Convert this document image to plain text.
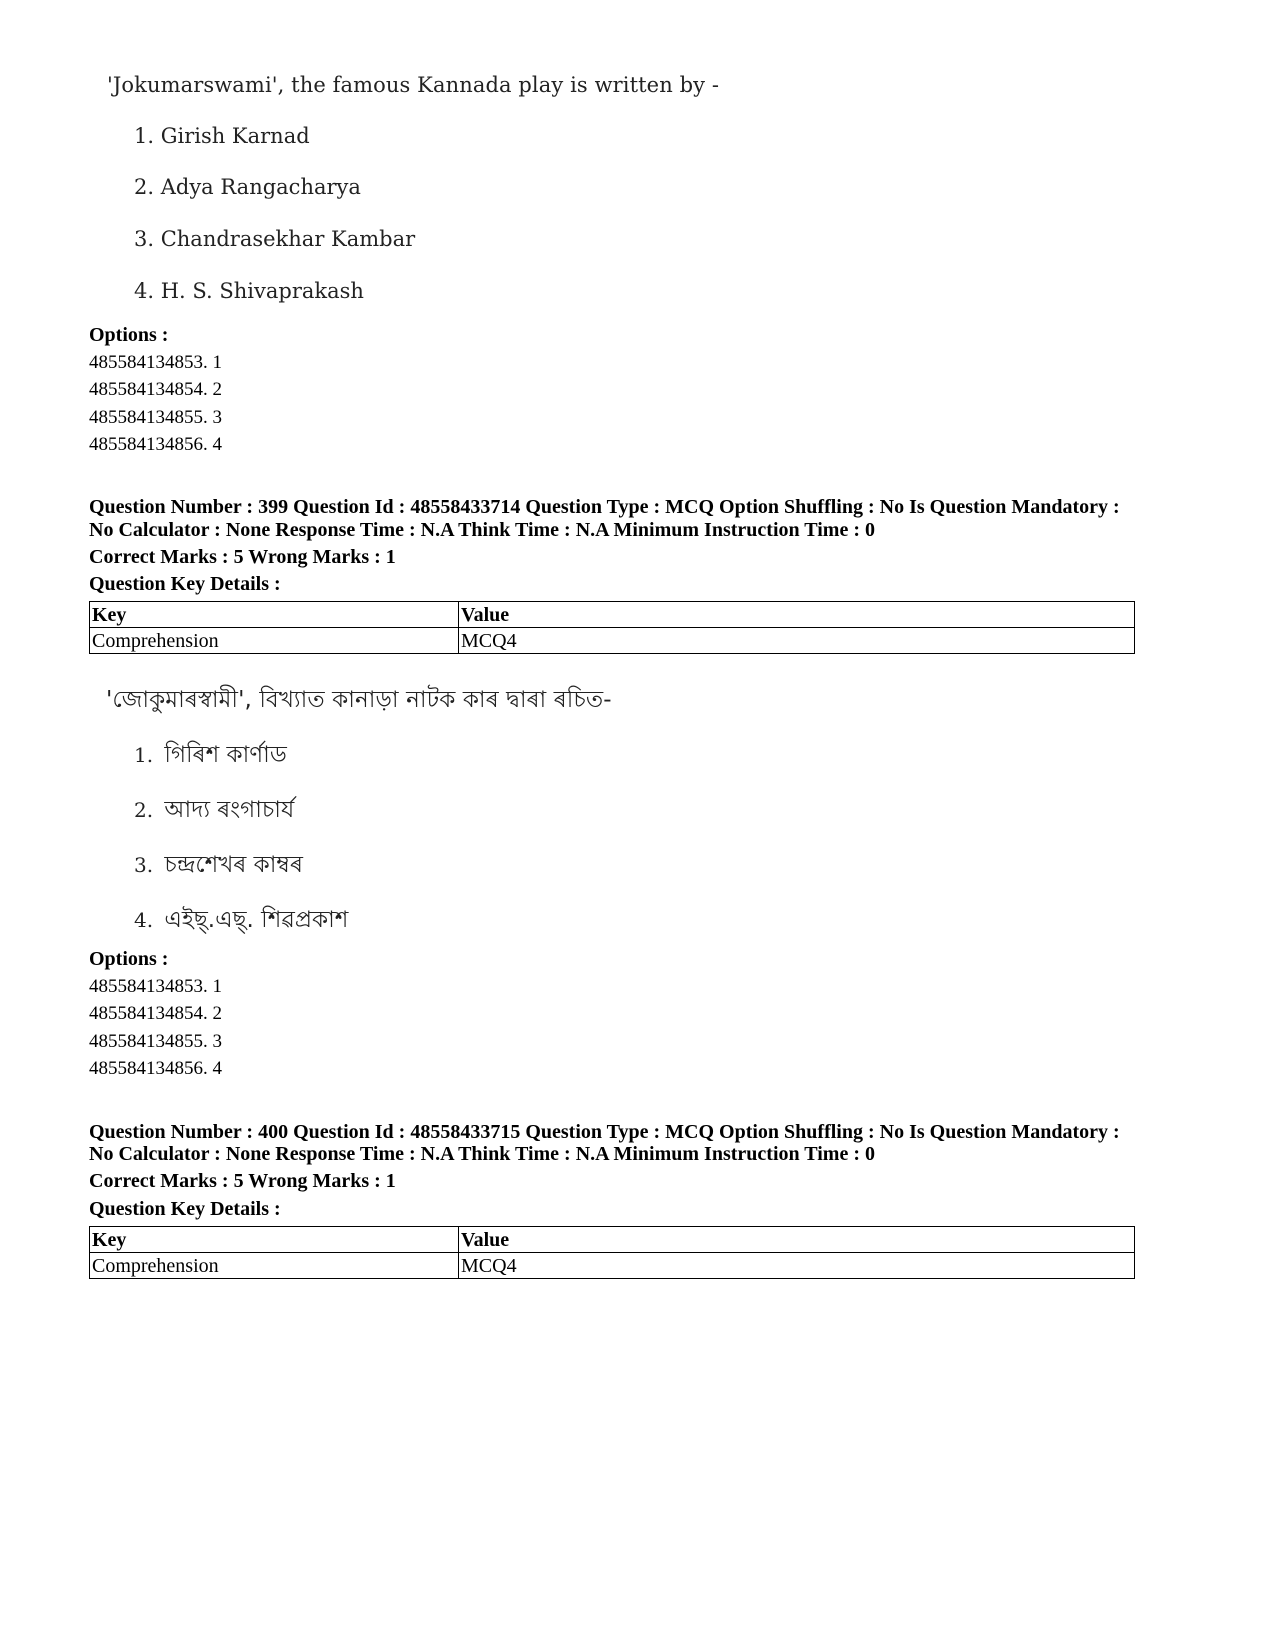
'Jokumarswami', the famous Kannada play is written by -
1. Girish Karnad
2. Adya Rangacharya
3. Chandrasekhar Kambar
4. H. S. Shivaprakash
Options :
485584134853. 1
485584134854. 2
485584134855. 3
485584134856. 4
Question Number : 399 Question Id : 48558433714 Question Type : MCQ Option Shuffling : No Is Question Mandatory :
No Calculator : None Response Time : N.A Think Time : N.A Minimum Instruction Time : 0
Correct Marks : 5 Wrong Marks : 1
Question Key Details :
Key	Value
Comprehension	MCQ4
'জোকুমাৰস্বামী', বিখ্যাত কানাড়া নাটক কাৰ দ্বাৰা ৰচিত-
1. গিৰিশ কাৰ্ণাড
2. আদ্য ৰংগাচাৰ্য
3. চন্দ্ৰশেখৰ কাম্বৰ
4. এইছ্.এছ্. শিৱপ্ৰকাশ
Options :
485584134853. 1
485584134854. 2
485584134855. 3
485584134856. 4
Question Number : 400 Question Id : 48558433715 Question Type : MCQ Option Shuffling : No Is Question Mandatory :
No Calculator : None Response Time : N.A Think Time : N.A Minimum Instruction Time : 0
Correct Marks : 5 Wrong Marks : 1
Question Key Details :
Key	Value
Comprehension	MCQ4
